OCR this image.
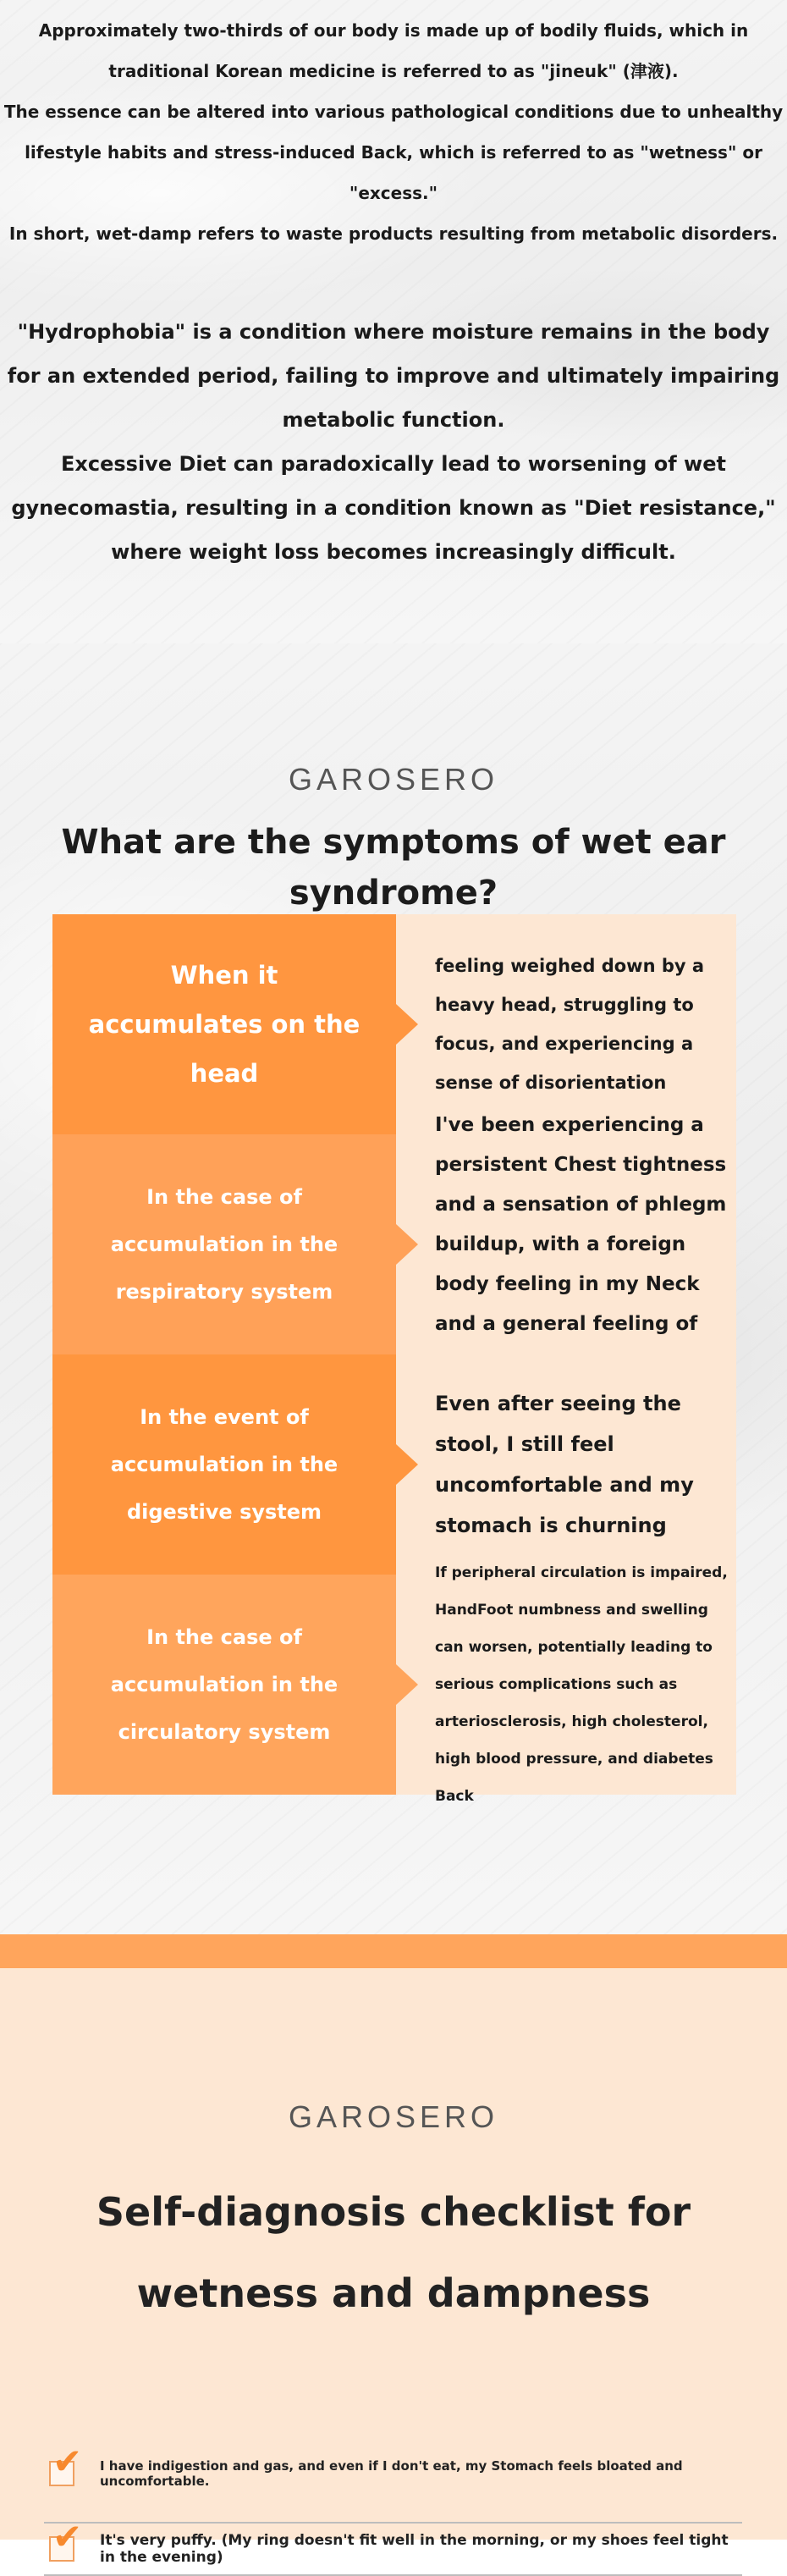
Approximately two-thirds of our body is made up of bodily fluids, which in traditional Korean medicine is referred to as "jineuk" (津液).
The essence can be altered into various pathological conditions due to unhealthy lifestyle habits and stress-induced Back, which is referred to as "wetness" or "excess."
In short, wet-damp refers to waste products resulting from metabolic disorders.

"Hydrophobia" is a condition where moisture remains in the body for an extended period, failing to improve and ultimately impairing metabolic function.
Excessive Diet can paradoxically lead to worsening of wet gynecomastia, resulting in a condition known as "Diet resistance," where weight loss becomes increasingly difficult.

GAROSERO
What are the symptoms of wet ear syndrome?
When it accumulates on the head
feeling weighed down by a heavy head, struggling to focus, and experiencing a sense of disorientation
In the case of accumulation in the respiratory system
I've been experiencing a persistent Chest tightness and a sensation of phlegm buildup, with a foreign body feeling in my Neck and a general feeling of
In the event of accumulation in the digestive system
Even after seeing the stool, I still feel uncomfortable and my stomach is churning
In the case of accumulation in the circulatory system
If peripheral circulation is impaired, HandFoot numbness and swelling can worsen, potentially leading to serious complications such as arteriosclerosis, high cholesterol, high blood pressure, and diabetes Back
GAROSERO
Self-diagnosis checklist for wetness and dampness
✔ I have indigestion and gas, and even if I don't eat, my Stomach feels bloated and uncomfortable.
✔ It's very puffy. (My ring doesn't fit well in the morning, or my shoes feel tight in the evening)
